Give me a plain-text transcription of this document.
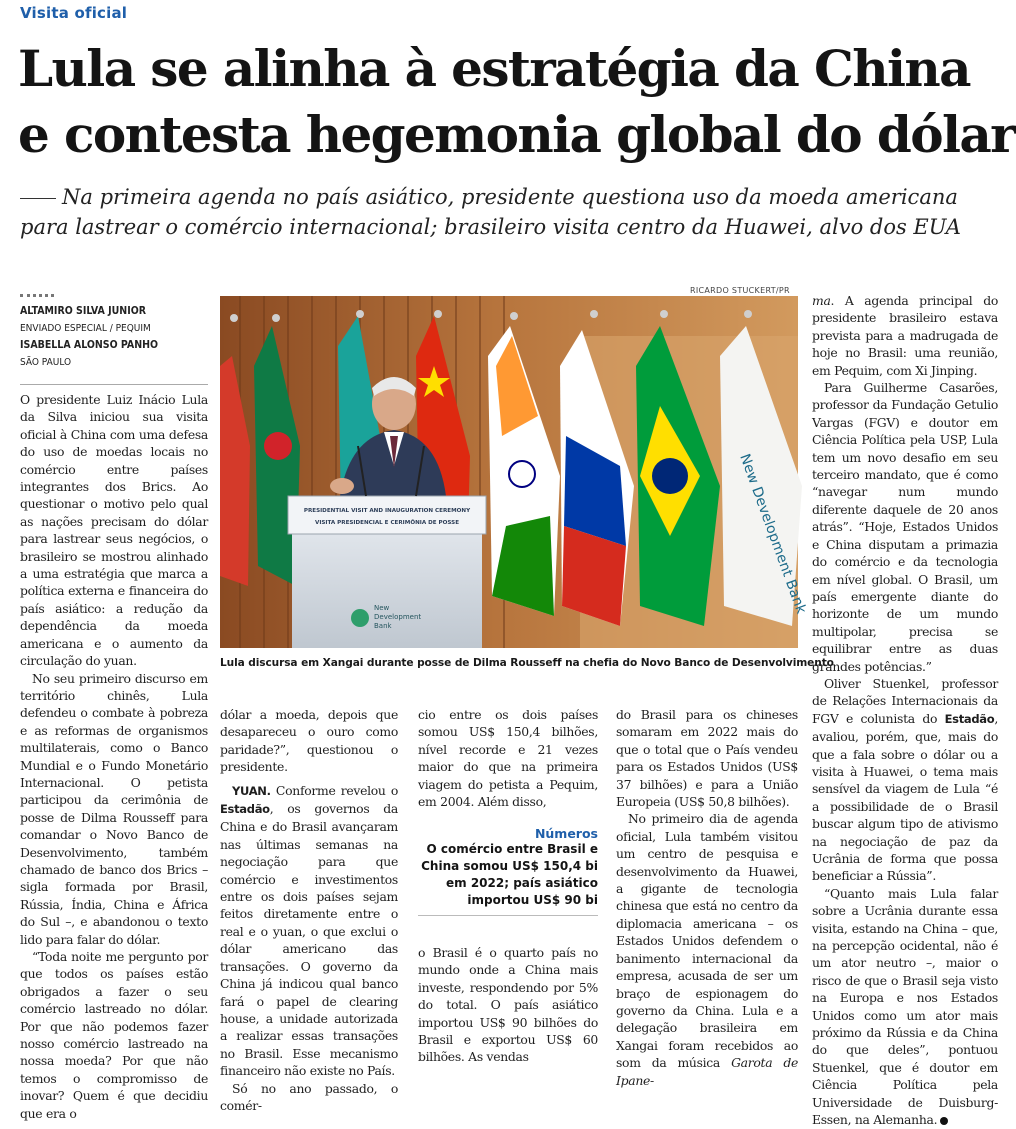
Visita oficial
Lula se alinha à estratégia da China
e contesta hegemonia global do dólar
Na primeira agenda no país asiático, presidente questiona uso da moeda americana
para lastrear o comércio internacional; brasileiro visita centro da Huawei, alvo dos EUA
ALTAMIRO SILVA JUNIOR
ENVIADO ESPECIAL / PEQUIM
ISABELLA ALONSO PANHO
SÃO PAULO

O presidente Luiz Inácio Lula da Silva iniciou sua visita oficial à China com uma defesa do uso de moedas locais no comércio entre países integrantes dos Brics. Ao questionar o motivo pelo qual as nações precisam do dólar para lastrear seus negócios, o brasileiro se mostrou alinhado a uma estratégia que marca a política externa e financeira do país asiático: a redução da dependência da moeda americana e o aumento da circulação do yuan.

No seu primeiro discurso em território chinês, Lula defendeu o combate à pobreza e as reformas de organismos multilaterais, como o Banco Mundial e o Fundo Monetário Internacional. O petista participou da cerimônia de posse de Dilma Rousseff para comandar o Novo Banco de Desenvolvimento, também chamado de banco dos Brics – sigla formada por Brasil, Rússia, Índia, China e África do Sul –, e abandonou o texto lido para falar do dólar.

“Toda noite me pergunto por que todos os países estão obrigados a fazer o seu comércio lastreado no dólar. Por que não podemos fazer nosso comércio lastreado na nossa moeda? Por que não temos o compromisso de inovar? Quem é que decidiu que era o

RICARDO STUCKERT/PR
New Development Bank
PRESIDENTIAL VISIT AND INAUGURATION CEREMONY
VISITA PRESIDENCIAL E CERIMÔNIA DE POSSE
New
Development
Bank
Lula discursa em Xangai durante posse de Dilma Rousseff na chefia do Novo Banco de Desenvolvimento

dólar a moeda, depois que desapareceu o ouro como paridade?”, questionou o presidente.

YUAN. Conforme revelou o Estadão, os governos da China e do Brasil avançaram nas últimas semanas na negociação para que comércio e investimentos entre os dois países sejam feitos diretamente entre o real e o yuan, o que exclui o dólar americano das transações. O governo da China já indicou qual banco fará o papel de clearing house, a unidade autorizada a realizar essas transações no Brasil. Esse mecanismo financeiro não existe no País.

Só no ano passado, o comér-

cio entre os dois países somou US$ 150,4 bilhões, nível recorde e 21 vezes maior do que na primeira viagem do petista a Pequim, em 2004. Além disso,

Números
O comércio entre Brasil e China somou US$ 150,4 bi em 2022; país asiático importou US$ 90 bi

o Brasil é o quarto país no mundo onde a China mais investe, respondendo por 5% do total. O país asiático importou US$ 90 bilhões do Brasil e exportou US$ 60 bilhões. As vendas

do Brasil para os chineses somaram em 2022 mais do que o total que o País vendeu para os Estados Unidos (US$ 37 bilhões) e para a União Europeia (US$ 50,8 bilhões).

No primeiro dia de agenda oficial, Lula também visitou um centro de pesquisa e desenvolvimento da Huawei, a gigante de tecnologia chinesa que está no centro da diplomacia americana – os Estados Unidos defendem o banimento internacional da empresa, acusada de ser um braço de espionagem do governo da China. Lula e a delegação brasileira em Xangai foram recebidos ao som da música Garota de Ipane-

ma. A agenda principal do presidente brasileiro estava prevista para a madrugada de hoje no Brasil: uma reunião, em Pequim, com Xi Jinping.

Para Guilherme Casarões, professor da Fundação Getulio Vargas (FGV) e doutor em Ciência Política pela USP, Lula tem um novo desafio em seu terceiro mandato, que é como “navegar num mundo diferente daquele de 20 anos atrás”. “Hoje, Estados Unidos e China disputam a primazia do comércio e da tecnologia em nível global. O Brasil, um país emergente diante do horizonte de um mundo multipolar, precisa se equilibrar entre as duas grandes potências.”

Oliver Stuenkel, professor de Relações Internacionais da FGV e colunista do Estadão, avaliou, porém, que, mais do que a fala sobre o dólar ou a visita à Huawei, o tema mais sensível da viagem de Lula “é a possibilidade de o Brasil buscar algum tipo de ativismo na negociação de paz da Ucrânia de forma que possa beneficiar a Rússia”.

“Quanto mais Lula falar sobre a Ucrânia durante essa visita, estando na China – que, na percepção ocidental, não é um ator neutro –, maior o risco de que o Brasil seja visto na Europa e nos Estados Unidos como um ator mais próximo da Rússia e da China do que deles”, pontuou Stuenkel, que é doutor em Ciência Política pela Universidade de Duisburg-Essen, na Alemanha.
